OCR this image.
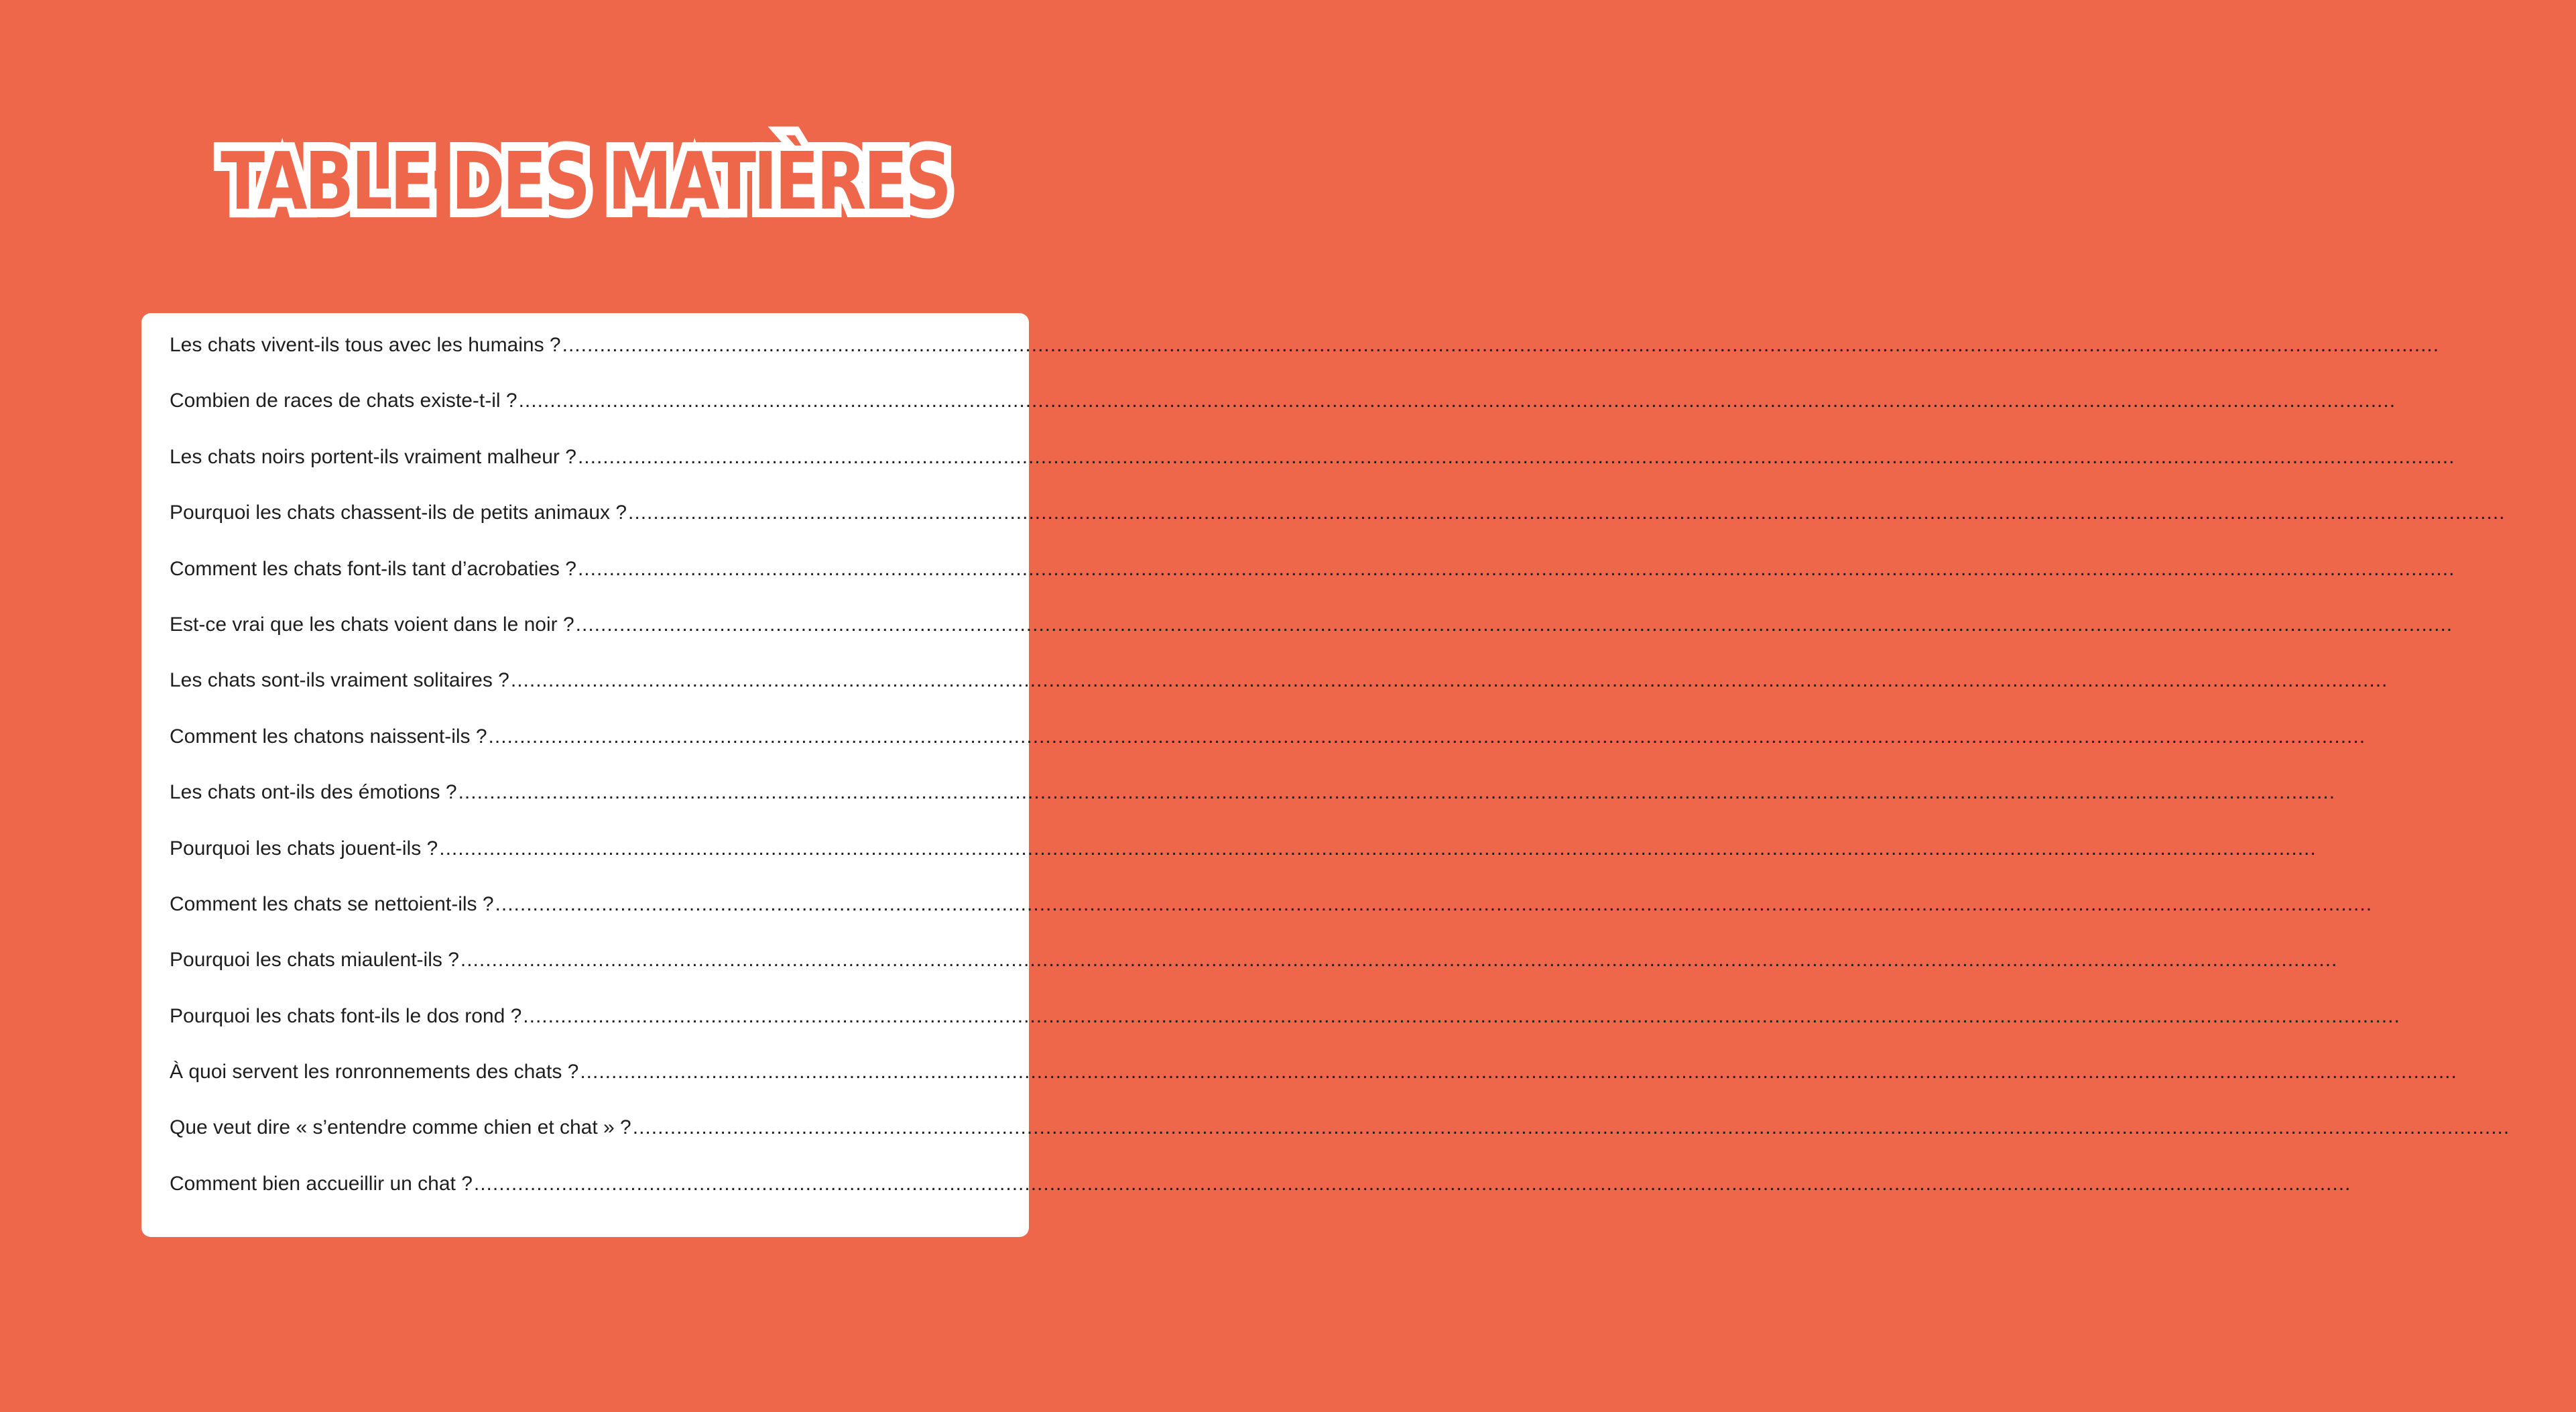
TABLE DES MATIÈRES
Les chats vivent-ils tous avec les humains ? ............................................................................................................................................................................................................................................................................................................ P. 4
Combien de races de chats existe-t-il ? ............................................................................................................................................................................................................................................................................................................ P. 6
Les chats noirs portent-ils vraiment malheur ? ............................................................................................................................................................................................................................................................................................................ P. 8
Pourquoi les chats chassent-ils de petits animaux ? ............................................................................................................................................................................................................................................................................................................ P. 10
Comment les chats font-ils tant d’acrobaties ? ............................................................................................................................................................................................................................................................................................................ P. 12
Est-ce vrai que les chats voient dans le noir ? ............................................................................................................................................................................................................................................................................................................ P. 14
Les chats sont-ils vraiment solitaires ? ............................................................................................................................................................................................................................................................................................................ P. 16
Comment les chatons naissent-ils ? ............................................................................................................................................................................................................................................................................................................ P. 18
Les chats ont-ils des émotions ? ............................................................................................................................................................................................................................................................................................................ P. 20
Pourquoi les chats jouent-ils ? ............................................................................................................................................................................................................................................................................................................ P. 22
Comment les chats se nettoient-ils ? ............................................................................................................................................................................................................................................................................................................ P. 24
Pourquoi les chats miaulent-ils ? ............................................................................................................................................................................................................................................................................................................ P. 26
Pourquoi les chats font-ils le dos rond ? ............................................................................................................................................................................................................................................................................................................ P. 28
À quoi servent les ronronnements des chats ? ............................................................................................................................................................................................................................................................................................................ P. 30
Que veut dire « s’entendre comme chien et chat » ? ............................................................................................................................................................................................................................................................................................................ P. 32
Comment bien accueillir un chat ? ............................................................................................................................................................................................................................................................................................................ P. 34
